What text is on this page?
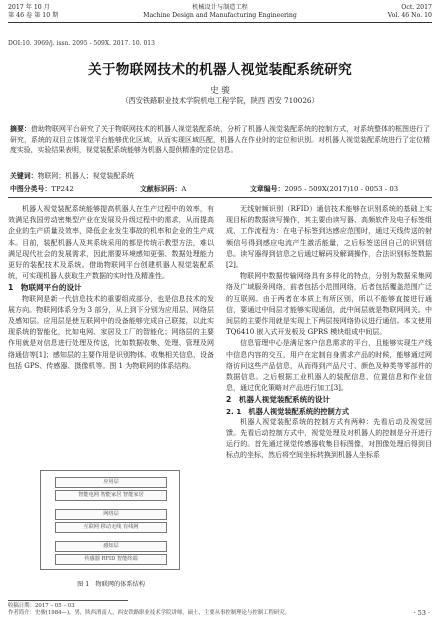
2017 年 10 月
第 46 卷 第 10 期
机械设计与制造工程
Machine Design and Manufacturing Engineering
Oct. 2017
Vol. 46 No. 10
DOI:10. 3969/j. issn. 2095 - 509X. 2017. 10. 013
关于物联网技术的机器人视觉装配系统研究
史 骏
（西安铁路职业技术学院机电工程学院，陕西 西安 710026）
摘要：借助物联网平台研究了关于物联网技术的机器人视觉装配系统，分析了机器人视觉装配系统的控制方式，对系统整体的框图进行了研究，系统的双目立体视觉平台能够优化区域，从而实现区域匹配，机器人在作业时的定位和识别。对机器人视觉装配系统进行了定位精度实验，实验结果表明，视觉装配系统能够为机器人提供精准的定位信息。
关键词：物联网；机器人；视觉装配系统
中图分类号：TP242	文献标识码：A	文章编号：2095 - 509X(2017)10 - 0053 - 03

机器人视觉装配系统能够提高机器人在生产过程中的效率，有效满足我国劳动密集型产业在发展及升级过程中的需求，从而提高企业的生产质量及效率，降低企业发生事故的机率和企业的生产成本。目前，装配机器人及其系统采用的都是传统示教型方法，难以满足现代社会的发展需求，因此需要环境感知更强、数据处理能力更好的装配技术及系统。借助物联网平台创建机器人视觉装配系统，可实现机器人获取生产数据的实时性及精准性。

1　物联网平台的设计

物联网是新一代信息技术的重要组成部分，也是信息技术的发展方向。物联网体系分为 3 部分，从上到下分别为应用层、网络层及感知层。应用层是使互联网中的设备能够完成自己联接，以此实现系统的智能化，比如电网、家居及工厂的智能化；网络层的主要作用就是对信息进行处理及传送，比如数据收集、处理、管理及网络通信等[1]；感知层的主要作用是识别物体、收集相关信息，设备包括 GPS、传感器、摄像机等。图 1 为物联网的体系结构。

应用层
智能电网 智能家居 智能家居
网络层
互联网 移动无线 有线网
感知层
传感器 RFID 智能终端
图 1　物联网的体系结构

无线射频识别（RFID）通信技术能够在识别系统的基础上实现目标的数据读写操作，其主要由读写器、高频软件及电子标签组成，工作流程为：在电子标签到达感应范围时，通过天线传送的射频信号得到感应电流产生激活能量，之后标签送回自己的识别信息。读写器得到信息之后通过解码及解调操作，合法识别标签数据[2]。

物联网中数据传输网络具有多样化的特点，分别为数据采集网络及广域服务网络，前者包括小范围网络，后者包括覆盖范围广泛的互联网。由于两者在本质上有所区别，所以不能够直接进行通信，要通过中间层才能够实现通信，此中间层就是物联网网关。中间层的主要作用就是实现上下两层按网络协议进行通信。本文使用 TQ6410 嵌入式开发板及 GPRS 模块组成中间层。

信息管理中心是满足客户信息需求的平台，且能够实现生产线中信息内容的交互，用户在定制自身需求产品的时候，能够通过网络访问这些产品信息，从而得到产品尺寸、颜色及种类等零部件的数据信息。之后根据工业机器人的装配信息，位置信息和作业信息，通过优化策略对产品进行加工[3]。

2　机器人视觉装配系统的设计

2. 1　机器人视觉装配系统的控制方式

机器人视觉装配系统的控制方式有两种：先看后动及视觉回馈。先看后动控制方式中，视觉处理及对机器人的控制是分开进行运行的。首先通过视觉传感器收集目标图像，对图像处理后得到目标点的坐标，然后将空间坐标转换到机器人坐标系

收稿日期：2017 – 05 – 03
作者简介：史骏(1984—)，男，陕西渭南人，西安铁路职业技术学院讲师，硕士，主要从事控制理论与控制工程研究。	· 53 ·
